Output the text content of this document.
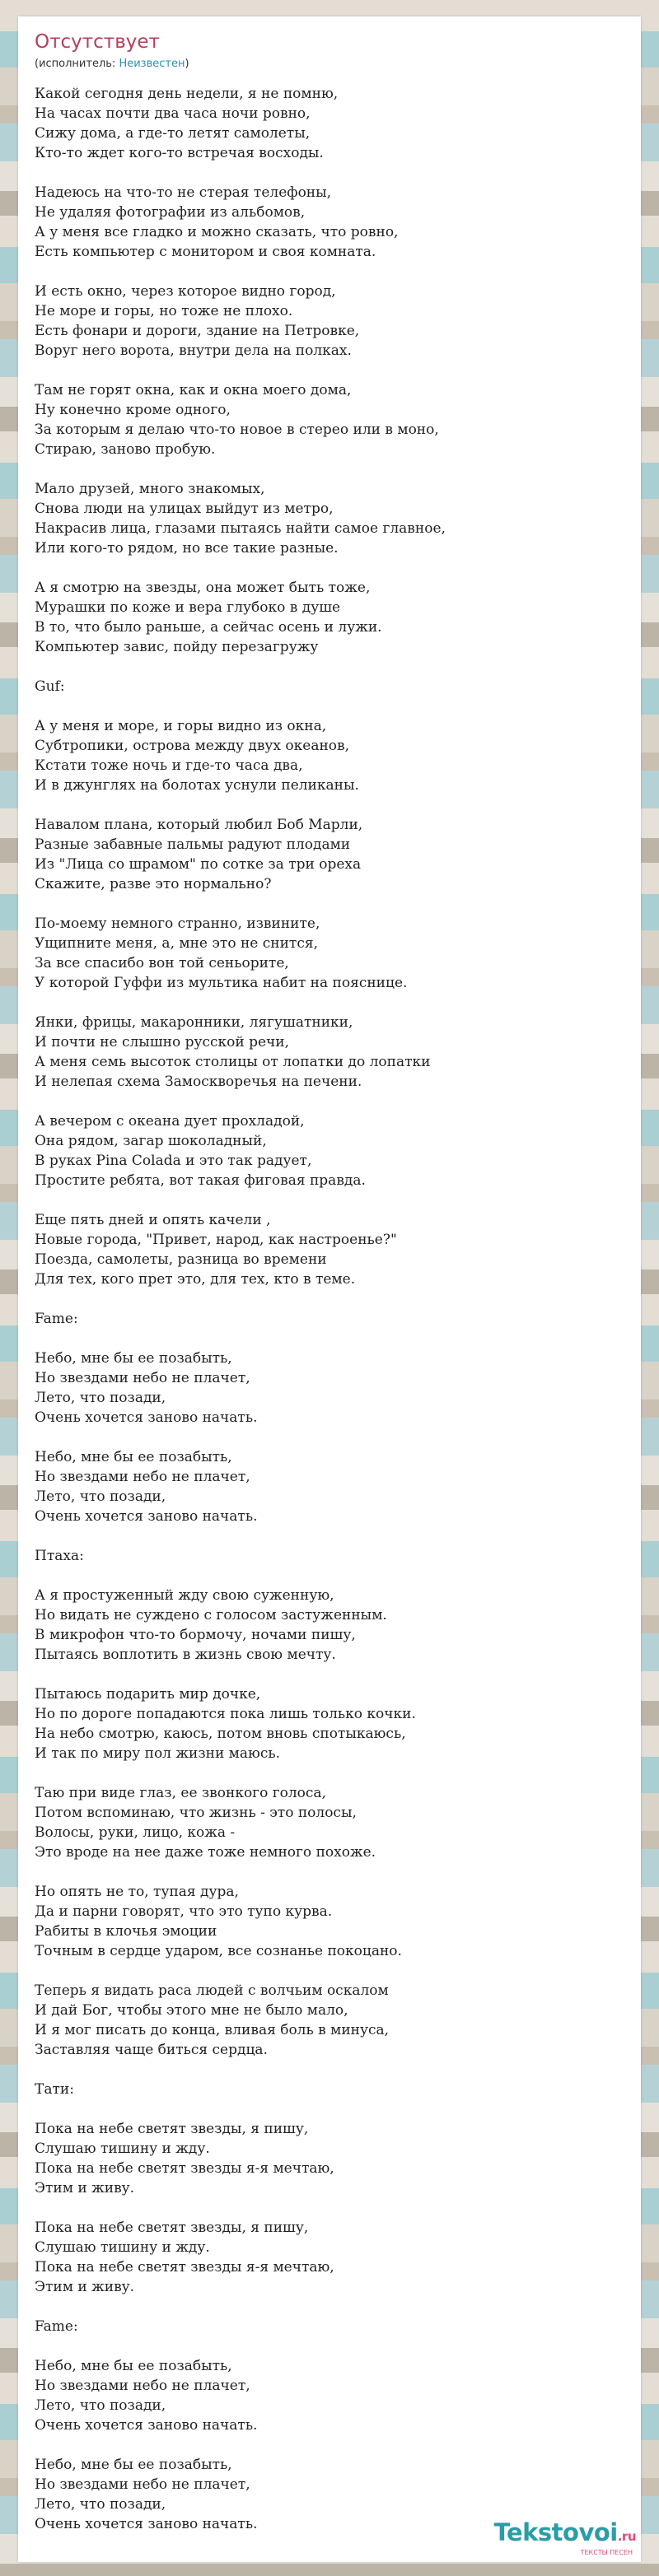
Отсутствует
(исполнитель: Неизвестен)
Какой сегодня день недели, я не помню,
На часах почти два часа ночи ровно,
Сижу дома, а где-то летят самолеты,
Кто-то ждет кого-то встречая восходы.
Надеюсь на что-то не стерая телефоны,
Не удаляя фотографии из альбомов,
А у меня все гладко и можно сказать, что ровно,
Есть компьютер с монитором и своя комната.
И есть окно, через которое видно город,
Не море и горы, но тоже не плохо.
Есть фонари и дороги, здание на Петровке,
Воруг него ворота, внутри дела на полках.
Там не горят окна, как и окна моего дома,
Ну конечно кроме одного,
За которым я делаю что-то новое в стерео или в моно,
Стираю, заново пробую.
Мало друзей, много знакомых,
Снова люди на улицах выйдут из метро,
Накрасив лица, глазами пытаясь найти самое главное,
Или кого-то рядом, но все такие разные.
А я смотрю на звезды, она может быть тоже,
Мурашки по коже и вера глубоко в душе
В то, что было раньше, а сейчас осень и лужи.
Компьютер завис, пойду перезагружу
Guf:
А у меня и море, и горы видно из окна,
Субтропики, острова между двух океанов,
Кстати тоже ночь и где-то часа два,
И в джунглях на болотах уснули пеликаны.
Навалом плана, который любил Боб Марли,
Разные забавные пальмы радуют плодами
Из "Лица со шрамом" по сотке за три ореха
Скажите, разве это нормально?
По-моему немного странно, извините,
Ущипните меня, а, мне это не снится,
За все спасибо вон той сеньорите,
У которой Гуффи из мультика набит на пояснице.
Янки, фрицы, макаронники, лягушатники,
И почти не слышно русской речи,
А меня семь высоток столицы от лопатки до лопатки
И нелепая схема Замоскворечья на печени.
А вечером с океана дует прохладой,
Она рядом, загар шоколадный,
В руках Pina Colada и это так радует,
Простите ребята, вот такая фиговая правда.
Еще пять дней и опять качели ,
Новые города, "Привет, народ, как настроенье?"
Поезда, самолеты, разница во времени
Для тех, кого прет это, для тех, кто в теме.
Fame:
Небо, мне бы ее позабыть,
Но звездами небо не плачет,
Лето, что позади,
Очень хочется заново начать.
Небо, мне бы ее позабыть,
Но звездами небо не плачет,
Лето, что позади,
Очень хочется заново начать.
Птаха:
А я простуженный жду свою суженную,
Но видать не суждено с голосом застуженным.
В микрофон что-то бормочу, ночами пишу,
Пытаясь воплотить в жизнь свою мечту.
Пытаюсь подарить мир дочке,
Но по дороге попадаются пока лишь только кочки.
На небо смотрю, каюсь, потом вновь спотыкаюсь,
И так по миру пол жизни маюсь.
Таю при виде глаз, ее звонкого голоса,
Потом вспоминаю, что жизнь - это полосы,
Волосы, руки, лицо, кожа -
Это вроде на нее даже тоже немного похоже.
Но опять не то, тупая дура,
Да и парни говорят, что это тупо курва.
Рабиты в клочья эмоции
Точным в сердце ударом, все сознанье покоцано.
Теперь я видать раса людей с волчьим оскалом
И дай Бог, чтобы этого мне не было мало,
И я мог писать до конца, вливая боль в минуса,
Заставляя чаще биться сердца.
Тати:
Пока на небе светят звезды, я пишу,
Слушаю тишину и жду.
Пока на небе светят звезды я-я мечтаю,
Этим и живу.
Пока на небе светят звезды, я пишу,
Слушаю тишину и жду.
Пока на небе светят звезды я-я мечтаю,
Этим и живу.
Fame:
Небо, мне бы ее позабыть,
Но звездами небо не плачет,
Лето, что позади,
Очень хочется заново начать.
Небо, мне бы ее позабыть,
Но звездами небо не плачет,
Лето, что позади,
Очень хочется заново начать.	Tekstovoi.ru
ТЕКСТЫ ПЕСЕН
